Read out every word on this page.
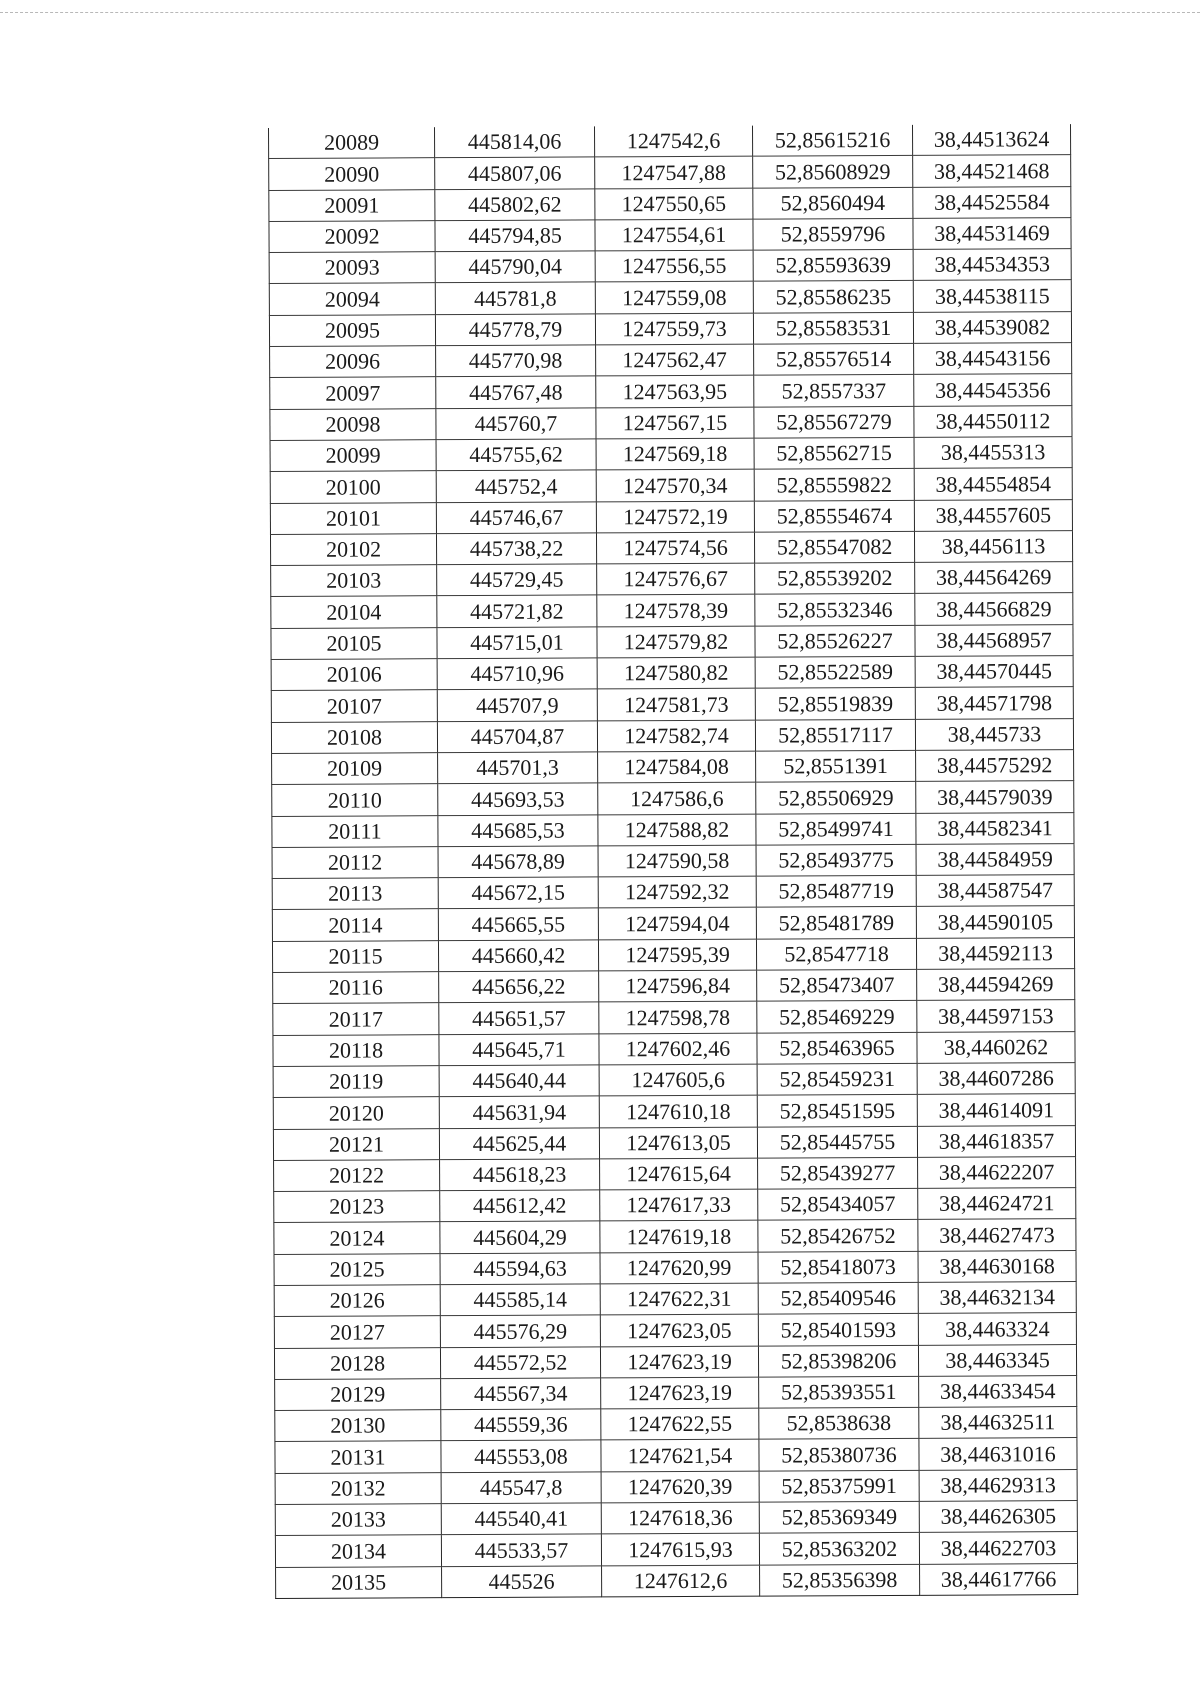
20089	445814,06	1247542,6	52,85615216	38,44513624
20090	445807,06	1247547,88	52,85608929	38,44521468
20091	445802,62	1247550,65	52,8560494	38,44525584
20092	445794,85	1247554,61	52,8559796	38,44531469
20093	445790,04	1247556,55	52,85593639	38,44534353
20094	445781,8	1247559,08	52,85586235	38,44538115
20095	445778,79	1247559,73	52,85583531	38,44539082
20096	445770,98	1247562,47	52,85576514	38,44543156
20097	445767,48	1247563,95	52,8557337	38,44545356
20098	445760,7	1247567,15	52,85567279	38,44550112
20099	445755,62	1247569,18	52,85562715	38,4455313
20100	445752,4	1247570,34	52,85559822	38,44554854
20101	445746,67	1247572,19	52,85554674	38,44557605
20102	445738,22	1247574,56	52,85547082	38,4456113
20103	445729,45	1247576,67	52,85539202	38,44564269
20104	445721,82	1247578,39	52,85532346	38,44566829
20105	445715,01	1247579,82	52,85526227	38,44568957
20106	445710,96	1247580,82	52,85522589	38,44570445
20107	445707,9	1247581,73	52,85519839	38,44571798
20108	445704,87	1247582,74	52,85517117	38,445733
20109	445701,3	1247584,08	52,8551391	38,44575292
20110	445693,53	1247586,6	52,85506929	38,44579039
20111	445685,53	1247588,82	52,85499741	38,44582341
20112	445678,89	1247590,58	52,85493775	38,44584959
20113	445672,15	1247592,32	52,85487719	38,44587547
20114	445665,55	1247594,04	52,85481789	38,44590105
20115	445660,42	1247595,39	52,8547718	38,44592113
20116	445656,22	1247596,84	52,85473407	38,44594269
20117	445651,57	1247598,78	52,85469229	38,44597153
20118	445645,71	1247602,46	52,85463965	38,4460262
20119	445640,44	1247605,6	52,85459231	38,44607286
20120	445631,94	1247610,18	52,85451595	38,44614091
20121	445625,44	1247613,05	52,85445755	38,44618357
20122	445618,23	1247615,64	52,85439277	38,44622207
20123	445612,42	1247617,33	52,85434057	38,44624721
20124	445604,29	1247619,18	52,85426752	38,44627473
20125	445594,63	1247620,99	52,85418073	38,44630168
20126	445585,14	1247622,31	52,85409546	38,44632134
20127	445576,29	1247623,05	52,85401593	38,4463324
20128	445572,52	1247623,19	52,85398206	38,4463345
20129	445567,34	1247623,19	52,85393551	38,44633454
20130	445559,36	1247622,55	52,8538638	38,44632511
20131	445553,08	1247621,54	52,85380736	38,44631016
20132	445547,8	1247620,39	52,85375991	38,44629313
20133	445540,41	1247618,36	52,85369349	38,44626305
20134	445533,57	1247615,93	52,85363202	38,44622703
20135	445526	1247612,6	52,85356398	38,44617766
